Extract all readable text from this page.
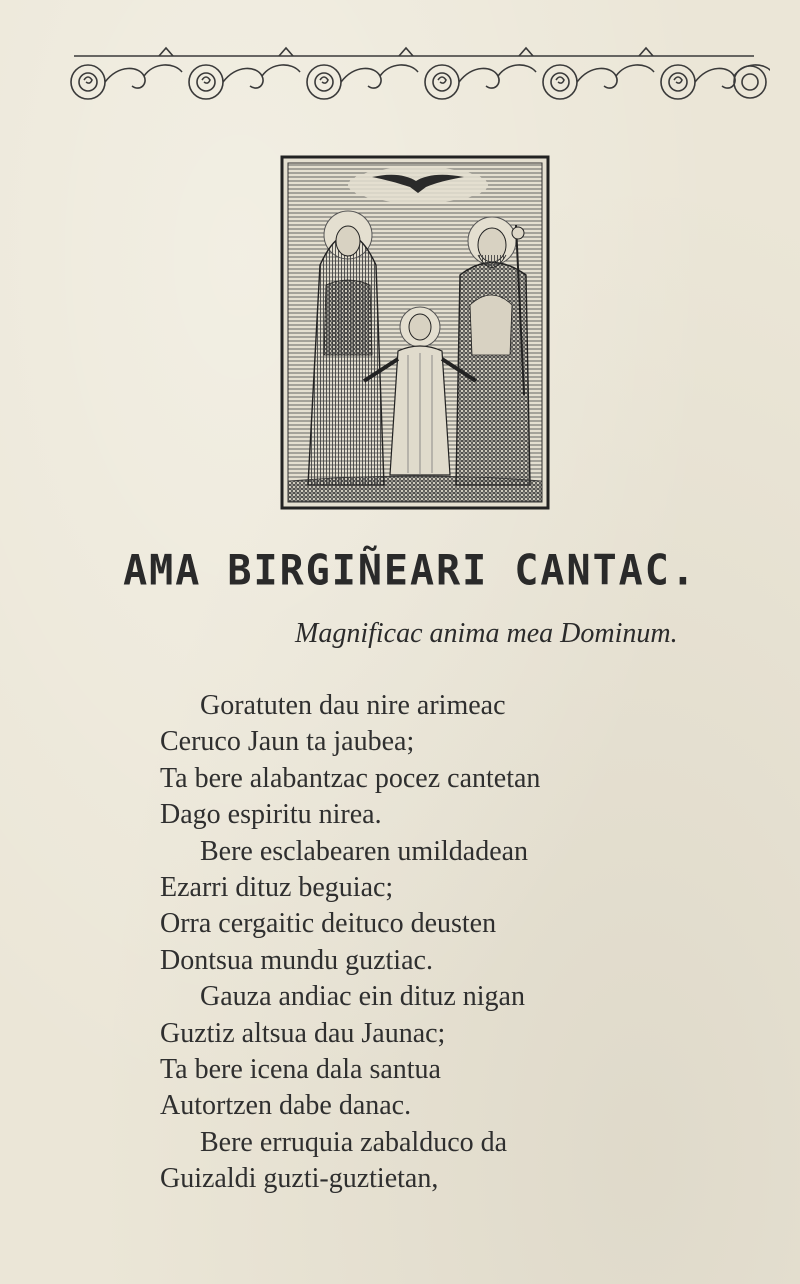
AMA BIRGIÑEARI CANTAC.

Magnificac anima mea Dominum.

Goratuten dau nire arimeac
Ceruco Jaun ta jaubea;
Ta bere alabantzac pocez cantetan
Dago espiritu nirea.
Bere esclabearen umildadean
Ezarri dituz beguiac;
Orra cergaitic deituco deusten
Dontsua mundu guztiac.
Gauza andiac ein dituz nigan
Guztiz altsua dau Jaunac;
Ta bere icena dala santua
Autortzen dabe danac.
Bere erruquia zabalduco da
Guizaldi guzti-guztietan,
